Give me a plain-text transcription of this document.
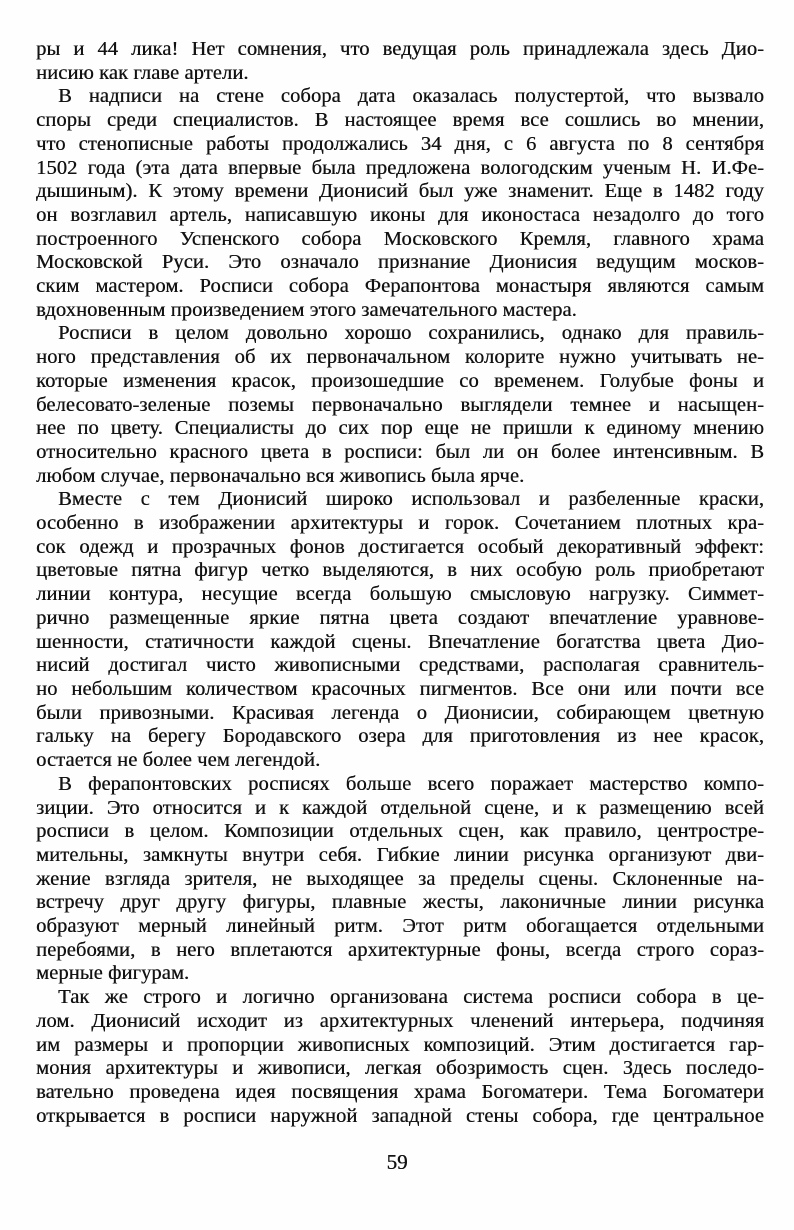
ры и 44 лика! Нет сомнения, что ведущая роль принадлежала здесь Дио-
нисию как главе артели.
В надписи на стене собора дата оказалась полустертой, что вызвало
споры среди специалистов. В настоящее время все сошлись во мнении,
что стенописные работы продолжались 34 дня, с 6 августа по 8 сентября
1502 года (эта дата впервые была предложена вологодским ученым Н. И.Фе-
дышиным). К этому времени Дионисий был уже знаменит. Еще в 1482 году
он возглавил артель, написавшую иконы для иконостаса незадолго до того
построенного Успенского собора Московского Кремля, главного храма
Московской Руси. Это означало признание Дионисия ведущим москов-
ским мастером. Росписи собора Ферапонтова монастыря являются самым
вдохновенным произведением этого замечательного мастера.
Росписи в целом довольно хорошо сохранились, однако для правиль-
ного представления об их первоначальном колорите нужно учитывать не-
которые изменения красок, произошедшие со временем. Голубые фоны и
белесовато-зеленые поземы первоначально выглядели темнее и насыщен-
нее по цвету. Специалисты до сих пор еще не пришли к единому мнению
относительно красного цвета в росписи: был ли он более интенсивным. В
любом случае, первоначально вся живопись была ярче.
Вместе с тем Дионисий широко использовал и разбеленные краски,
особенно в изображении архитектуры и горок. Сочетанием плотных кра-
сок одежд и прозрачных фонов достигается особый декоративный эффект:
цветовые пятна фигур четко выделяются, в них особую роль приобретают
линии контура, несущие всегда большую смысловую нагрузку. Симмет-
рично размещенные яркие пятна цвета создают впечатление уравнове-
шенности, статичности каждой сцены. Впечатление богатства цвета Дио-
нисий достигал чисто живописными средствами, располагая сравнитель-
но небольшим количеством красочных пигментов. Все они или почти все
были привозными. Красивая легенда о Дионисии, собирающем цветную
гальку на берегу Бородавского озера для приготовления из нее красок,
остается не более чем легендой.
В ферапонтовских росписях больше всего поражает мастерство компо-
зиции. Это относится и к каждой отдельной сцене, и к размещению всей
росписи в целом. Композиции отдельных сцен, как правило, центростре-
мительны, замкнуты внутри себя. Гибкие линии рисунка организуют дви-
жение взгляда зрителя, не выходящее за пределы сцены. Склоненные на-
встречу друг другу фигуры, плавные жесты, лаконичные линии рисунка
образуют мерный линейный ритм. Этот ритм обогащается отдельными
перебоями, в него вплетаются архитектурные фоны, всегда строго сораз-
мерные фигурам.
Так же строго и логично организована система росписи собора в це-
лом. Дионисий исходит из архитектурных членений интерьера, подчиняя
им размеры и пропорции живописных композиций. Этим достигается гар-
мония архитектуры и живописи, легкая обозримость сцен. Здесь последо-
вательно проведена идея посвящения храма Богоматери. Тема Богоматери
открывается в росписи наружной западной стены собора, где центральное
59
